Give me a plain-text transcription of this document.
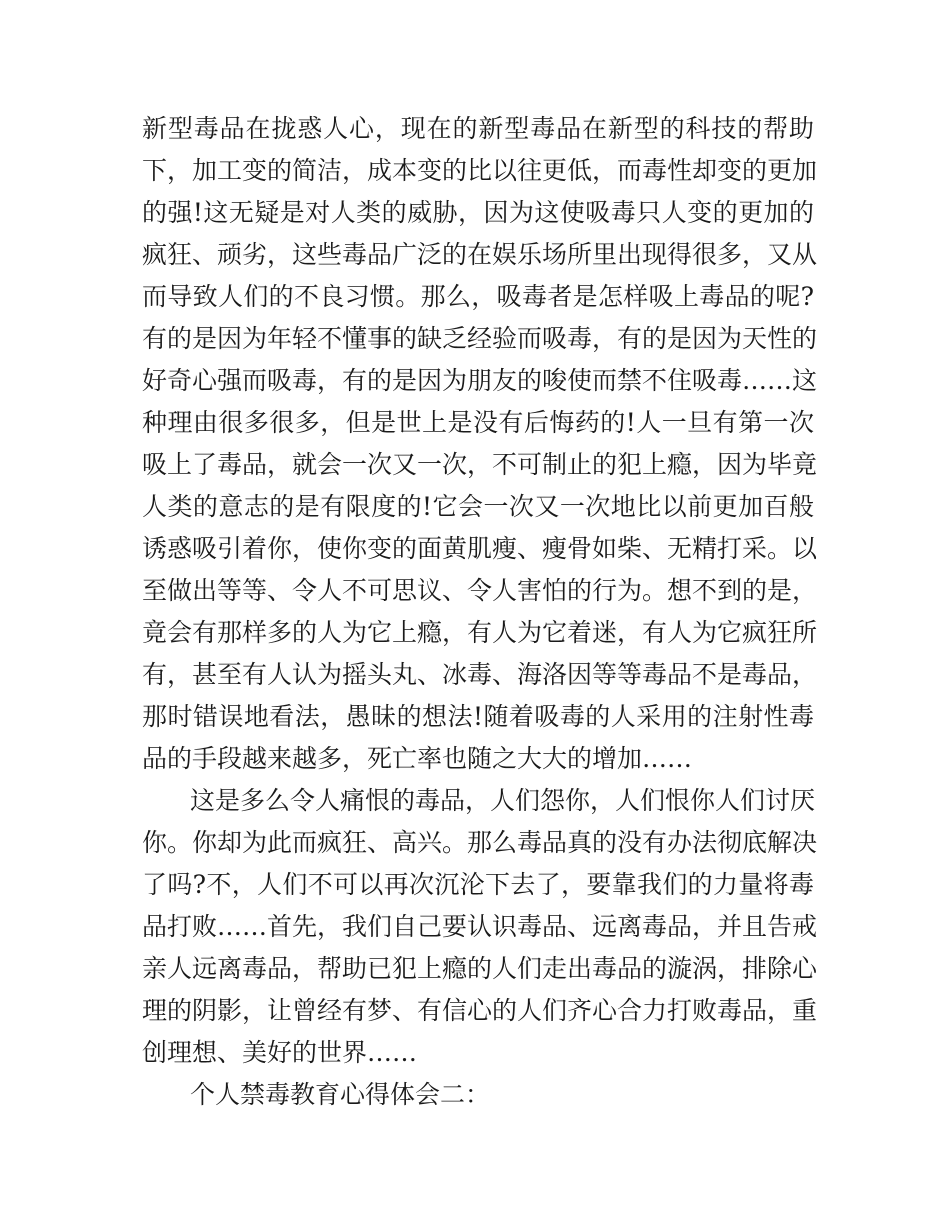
新型毒品在拢惑人心，现在的新型毒品在新型的科技的帮助
下，加工变的简洁，成本变的比以往更低，而毒性却变的更加
的强!这无疑是对人类的威胁，因为这使吸毒只人变的更加的
疯狂、顽劣，这些毒品广泛的在娱乐场所里出现得很多，又从
而导致人们的不良习惯。那么，吸毒者是怎样吸上毒品的呢?
有的是因为年轻不懂事的缺乏经验而吸毒，有的是因为天性的
好奇心强而吸毒，有的是因为朋友的唆使而禁不住吸毒……这
种理由很多很多，但是世上是没有后悔药的!人一旦有第一次
吸上了毒品，就会一次又一次，不可制止的犯上瘾，因为毕竟
人类的意志的是有限度的!它会一次又一次地比以前更加百般
诱惑吸引着你，使你变的面黄肌瘦、瘦骨如柴、无精打采。以
至做出等等、令人不可思议、令人害怕的行为。想不到的是，
竟会有那样多的人为它上瘾，有人为它着迷，有人为它疯狂所
有，甚至有人认为摇头丸、冰毒、海洛因等等毒品不是毒品，
那时错误地看法，愚昧的想法!随着吸毒的人采用的注射性毒
品的手段越来越多，死亡率也随之大大的增加……
这是多么令人痛恨的毒品，人们怨你，人们恨你人们讨厌
你。你却为此而疯狂、高兴。那么毒品真的没有办法彻底解决
了吗?不，人们不可以再次沉沦下去了，要靠我们的力量将毒
品打败……首先，我们自己要认识毒品、远离毒品，并且告戒
亲人远离毒品，帮助已犯上瘾的人们走出毒品的漩涡，排除心
理的阴影，让曾经有梦、有信心的人们齐心合力打败毒品，重
创理想、美好的世界……
个人禁毒教育心得体会二：
